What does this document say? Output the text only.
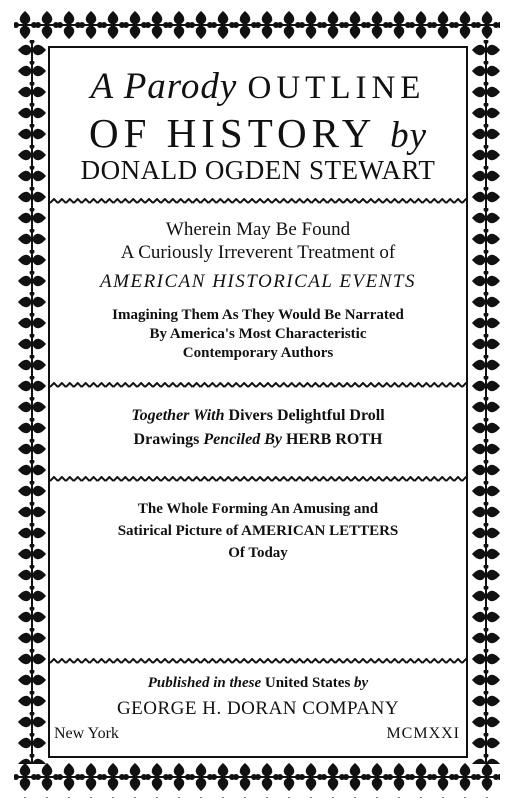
A Parody OUTLINE
OF HISTORY by
DONALD OGDEN STEWART
Wherein May Be Found
A Curiously Irreverent Treatment of
AMERICAN HISTORICAL EVENTS
Imagining Them As They Would Be Narrated
By America's Most Characteristic
Contemporary Authors
Together With Divers Delightful Droll
Drawings Penciled By HERB ROTH
The Whole Forming An Amusing and
Satirical Picture of AMERICAN LETTERS
Of Today
Published in these United States by
GEORGE H. DORAN COMPANY
New York	MCMXXI
